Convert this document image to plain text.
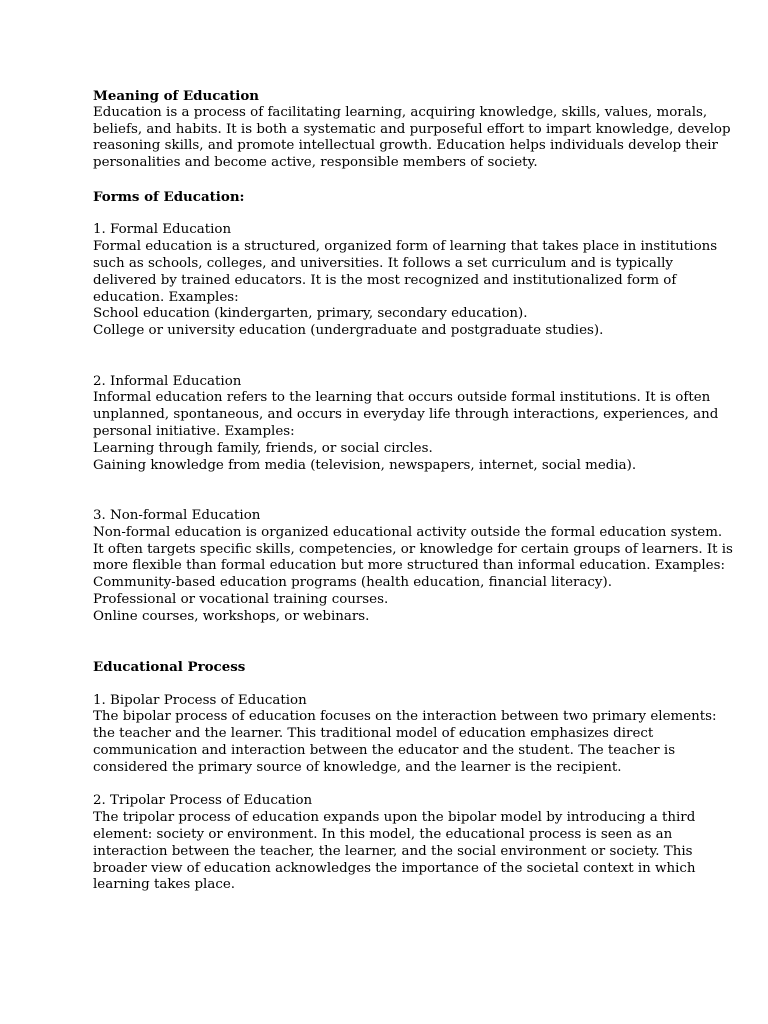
Meaning of Education
Education is a process of facilitating learning, acquiring knowledge, skills, values, morals,
beliefs, and habits. It is both a systematic and purposeful effort to impart knowledge, develop
reasoning skills, and promote intellectual growth. Education helps individuals develop their
personalities and become active, responsible members of society.
Forms of Education:
1. Formal Education
Formal education is a structured, organized form of learning that takes place in institutions
such as schools, colleges, and universities. It follows a set curriculum and is typically
delivered by trained educators. It is the most recognized and institutionalized form of
education. Examples:
School education (kindergarten, primary, secondary education).
College or university education (undergraduate and postgraduate studies).
2. Informal Education
Informal education refers to the learning that occurs outside formal institutions. It is often
unplanned, spontaneous, and occurs in everyday life through interactions, experiences, and
personal initiative. Examples:
Learning through family, friends, or social circles.
Gaining knowledge from media (television, newspapers, internet, social media).
3. Non-formal Education
Non-formal education is organized educational activity outside the formal education system.
It often targets specific skills, competencies, or knowledge for certain groups of learners. It is
more flexible than formal education but more structured than informal education. Examples:
Community-based education programs (health education, financial literacy).
Professional or vocational training courses.
Online courses, workshops, or webinars.
Educational Process
1. Bipolar Process of Education
The bipolar process of education focuses on the interaction between two primary elements:
the teacher and the learner. This traditional model of education emphasizes direct
communication and interaction between the educator and the student. The teacher is
considered the primary source of knowledge, and the learner is the recipient.
2. Tripolar Process of Education
The tripolar process of education expands upon the bipolar model by introducing a third
element: society or environment. In this model, the educational process is seen as an
interaction between the teacher, the learner, and the social environment or society. This
broader view of education acknowledges the importance of the societal context in which
learning takes place.
